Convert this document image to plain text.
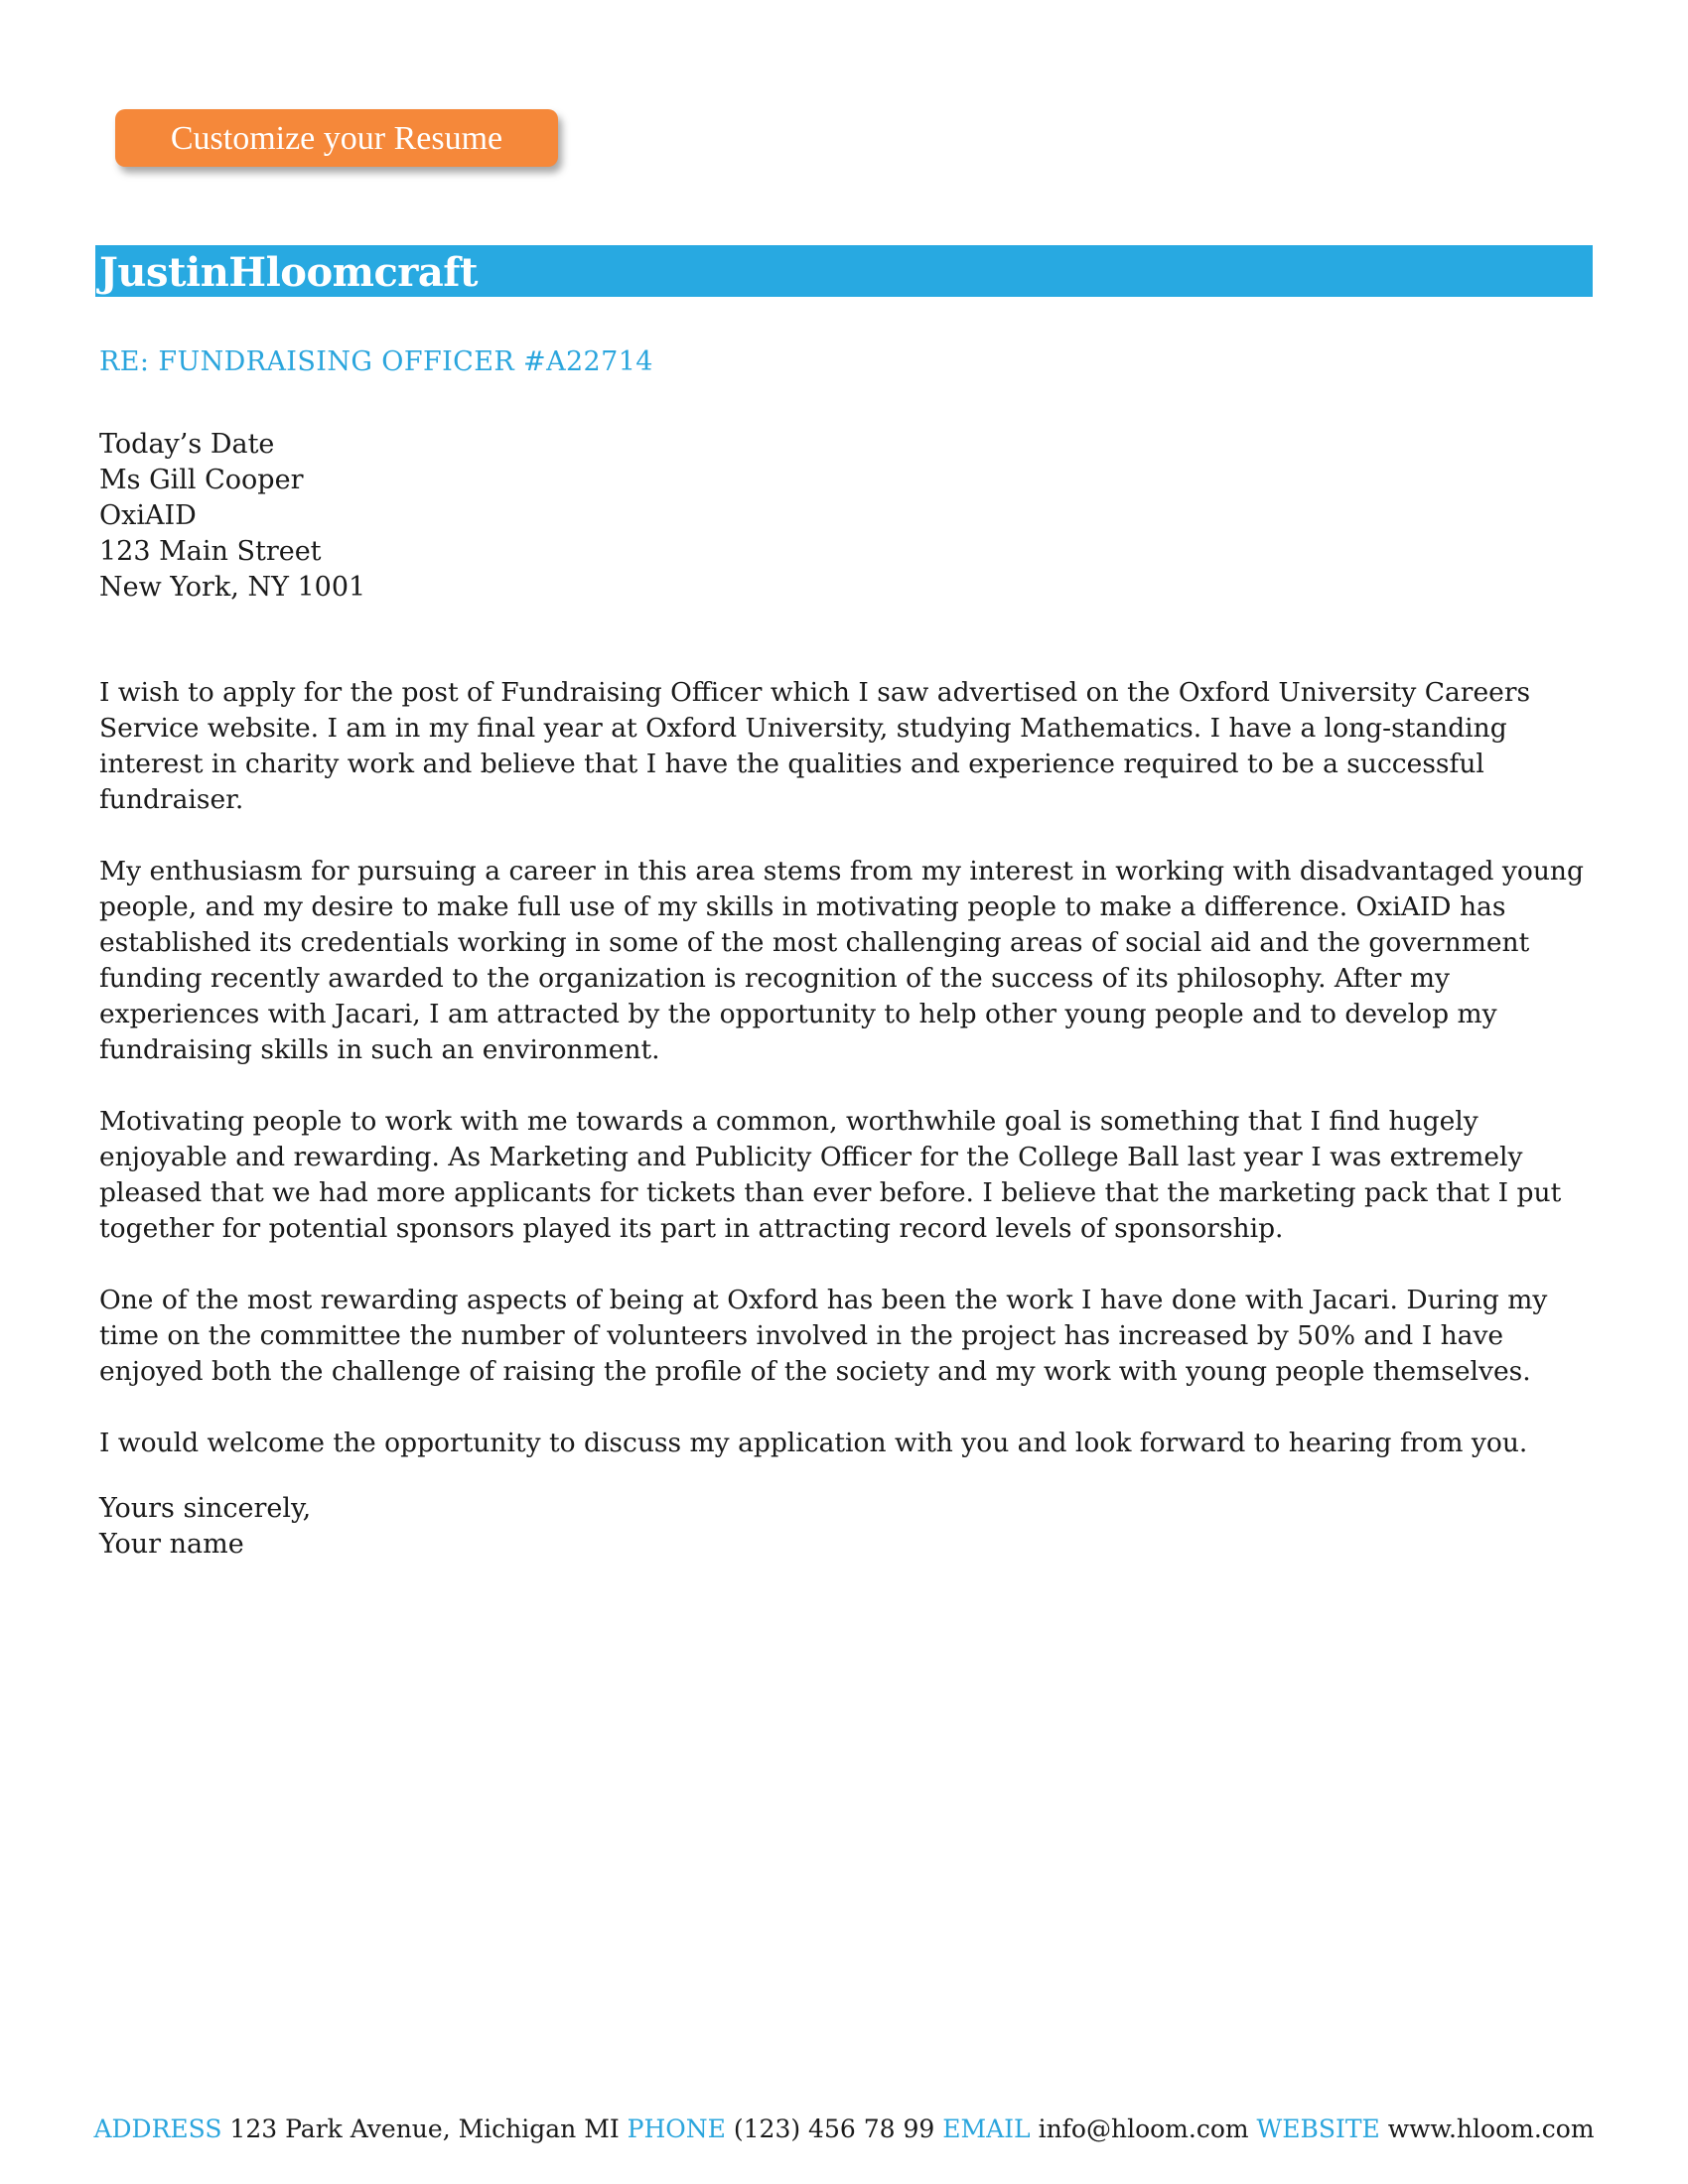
Customize your Resume
JustinHloomcraft
RE: FUNDRAISING OFFICER #A22714
Today’s Date
Ms Gill Cooper
OxiAID
123 Main Street
New York, NY 1001

I wish to apply for the post of Fundraising Officer which I saw advertised on the Oxford University Careers Service website. I am in my final year at Oxford University, studying Mathematics. I have a long-standing interest in charity work and believe that I have the qualities and experience required to be a successful fundraiser.

My enthusiasm for pursuing a career in this area stems from my interest in working with disadvantaged young people, and my desire to make full use of my skills in motivating people to make a difference. OxiAID has established its credentials working in some of the most challenging areas of social aid and the government funding recently awarded to the organization is recognition of the success of its philosophy. After my experiences with Jacari, I am attracted by the opportunity to help other young people and to develop my fundraising skills in such an environment.

Motivating people to work with me towards a common, worthwhile goal is something that I find hugely enjoyable and rewarding. As Marketing and Publicity Officer for the College Ball last year I was extremely pleased that we had more applicants for tickets than ever before. I believe that the marketing pack that I put together for potential sponsors played its part in attracting record levels of sponsorship.

One of the most rewarding aspects of being at Oxford has been the work I have done with Jacari. During my time on the committee the number of volunteers involved in the project has increased by 50% and I have enjoyed both the challenge of raising the profile of the society and my work with young people themselves.

I would welcome the opportunity to discuss my application with you and look forward to hearing from you.

Yours sincerely,
Your name
ADDRESS 123 Park Avenue, Michigan MI PHONE (123) 456 78 99 EMAIL info@hloom.com WEBSITE www.hloom.com
